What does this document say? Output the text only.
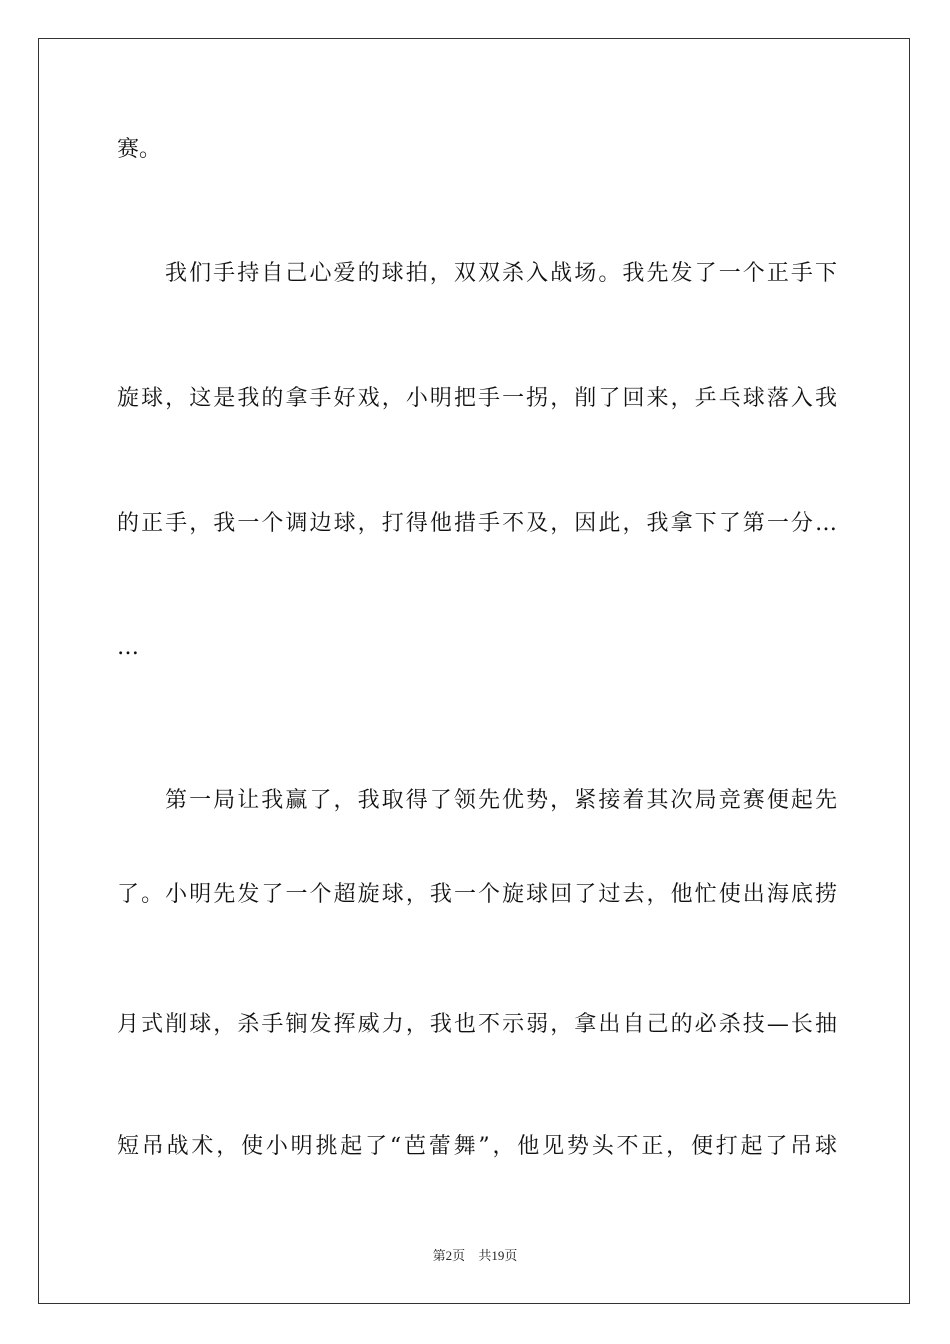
赛。
我们手持自己心爱的球拍，双双杀入战场。我先发了一个正手下
旋球，这是我的拿手好戏，小明把手一拐，削了回来，乒乓球落入我
的正手，我一个调边球，打得他措手不及，因此，我拿下了第一分…
…
第一局让我赢了，我取得了领先优势，紧接着其次局竞赛便起先
了。小明先发了一个超旋球，我一个旋球回了过去，他忙使出海底捞
月式削球，杀手锏发挥威力，我也不示弱，拿出自己的必杀技—长抽
短吊战术，使小明挑起了“芭蕾舞”，他见势头不正，便打起了吊球
第2页 共19页
